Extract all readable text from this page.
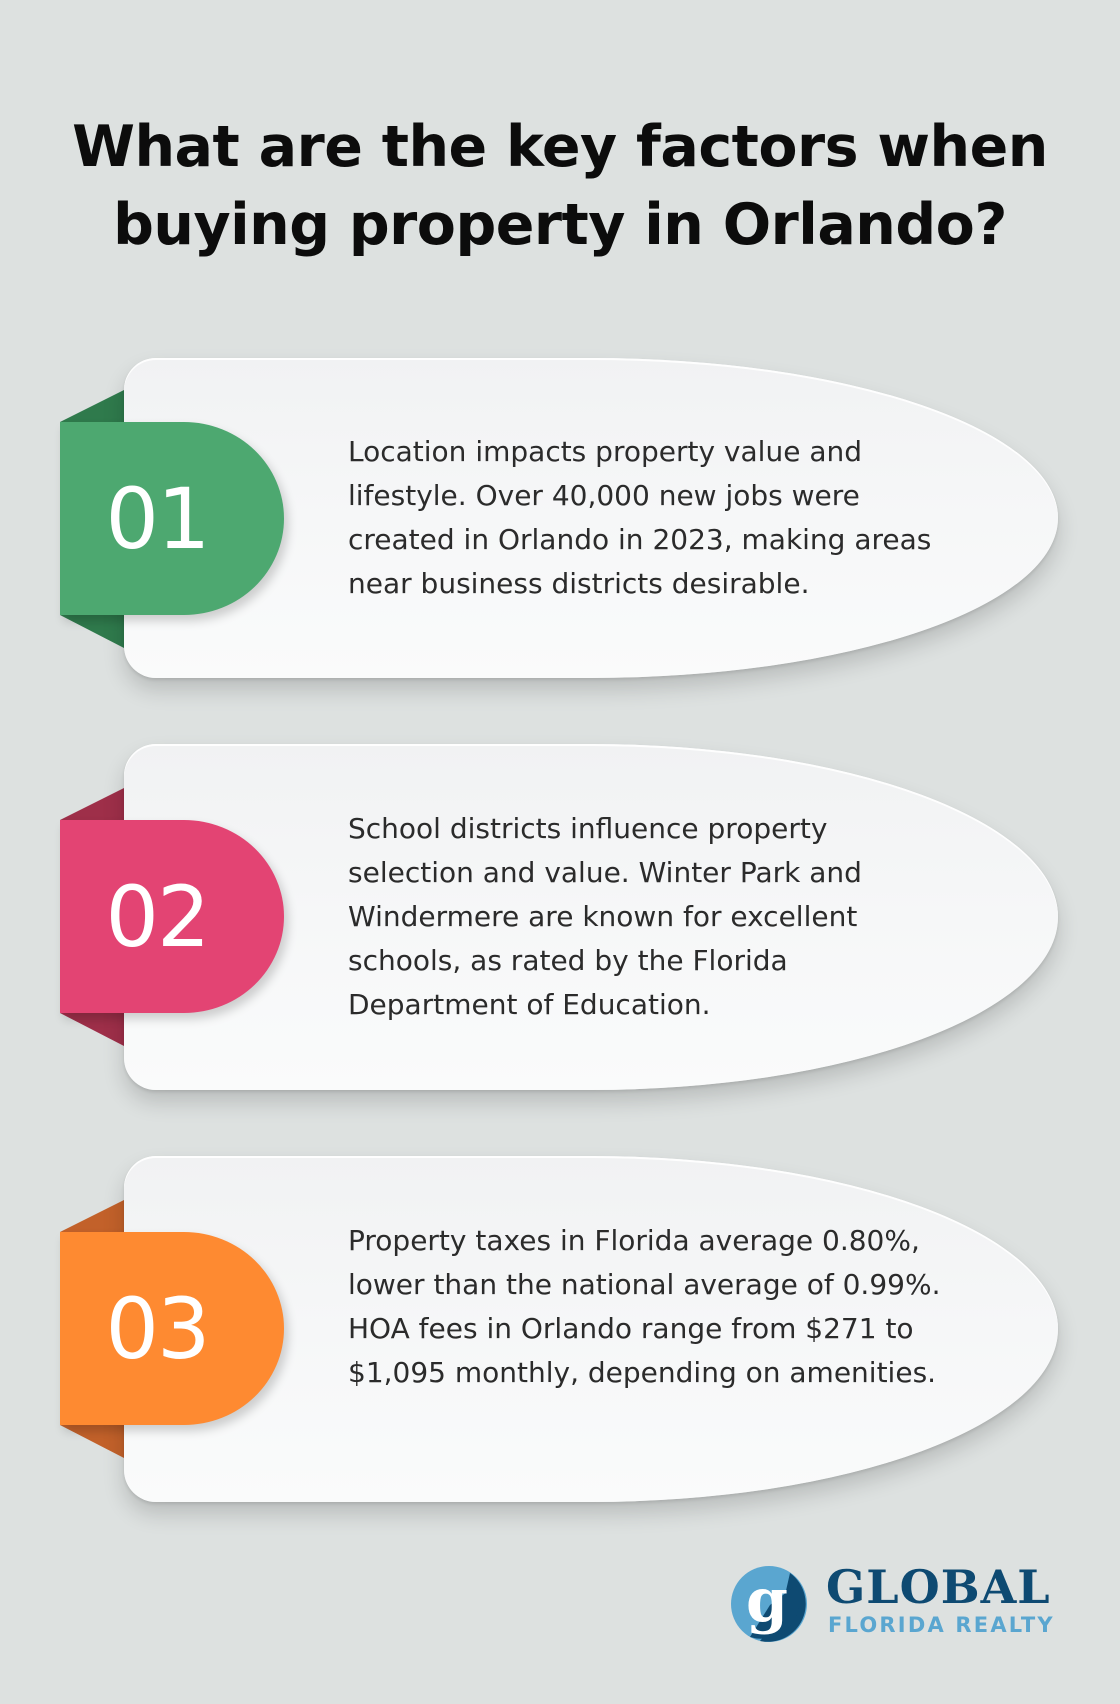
What are the key factors when
buying property in Orlando?
01

Location impacts property value and lifestyle. Over 40,000 new jobs were created in Orlando in 2023, making areas near business districts desirable.

02

School districts influence property selection and value. Winter Park and Windermere are known for excellent schools, as rated by the Florida Department of Education.

03

Property taxes in Florida average 0.80%, lower than the national average of 0.99%. HOA fees in Orlando range from $271 to $1,095 monthly, depending on amenities.

g GLOBAL
FLORIDA REALTY
